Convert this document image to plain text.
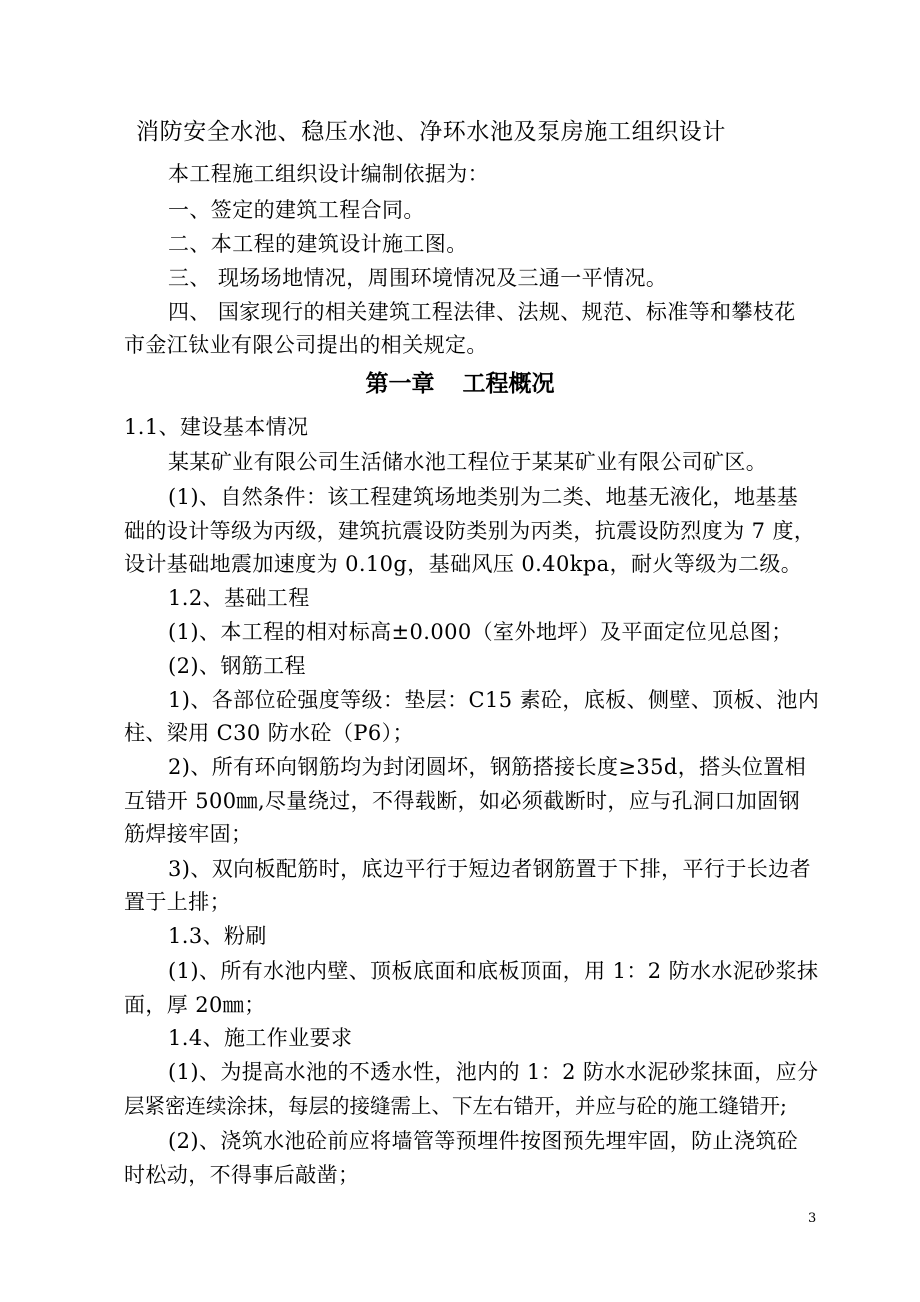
消防安全水池、稳压水池、净环水池及泵房施工组织设计
本工程施工组织设计编制依据为：
一、签定的建筑工程合同。
二、本工程的建筑设计施工图。
三、 现场场地情况，周围环境情况及三通一平情况。
四、 国家现行的相关建筑工程法律、法规、规范、标准等和攀枝花
市金江钛业有限公司提出的相关规定。
第一章 工程概况
1.1、建设基本情况
某某矿业有限公司生活储水池工程位于某某矿业有限公司矿区。
(1)、自然条件：该工程建筑场地类别为二类、地基无液化，地基基
础的设计等级为丙级，建筑抗震设防类别为丙类，抗震设防烈度为 7 度，
设计基础地震加速度为 0.10g，基础风压 0.40kpa，耐火等级为二级。
1.2、基础工程
(1)、本工程的相对标高±0.000（室外地坪）及平面定位见总图；
(2)、钢筋工程
1)、各部位砼强度等级：垫层：C15 素砼，底板、侧壁、顶板、池内
柱、梁用 C30 防水砼（P6）；
2)、所有环向钢筋均为封闭圆坏，钢筋搭接长度≥35d，搭头位置相
互错开 500㎜,尽量绕过，不得载断，如必须截断时，应与孔洞口加固钢
筋焊接牢固；
3)、双向板配筋时，底边平行于短边者钢筋置于下排，平行于长边者
置于上排；
1.3、粉刷
(1)、所有水池内壁、顶板底面和底板顶面，用 1：2 防水水泥砂浆抹
面，厚 20㎜；
1.4、施工作业要求
(1)、为提高水池的不透水性，池内的 1：2 防水水泥砂浆抹面，应分
层紧密连续涂抹，每层的接缝需上、下左右错开，并应与砼的施工缝错开;
(2)、浇筑水池砼前应将墙管等预埋件按图预先埋牢固，防止浇筑砼
时松动，不得事后敲凿；
3
